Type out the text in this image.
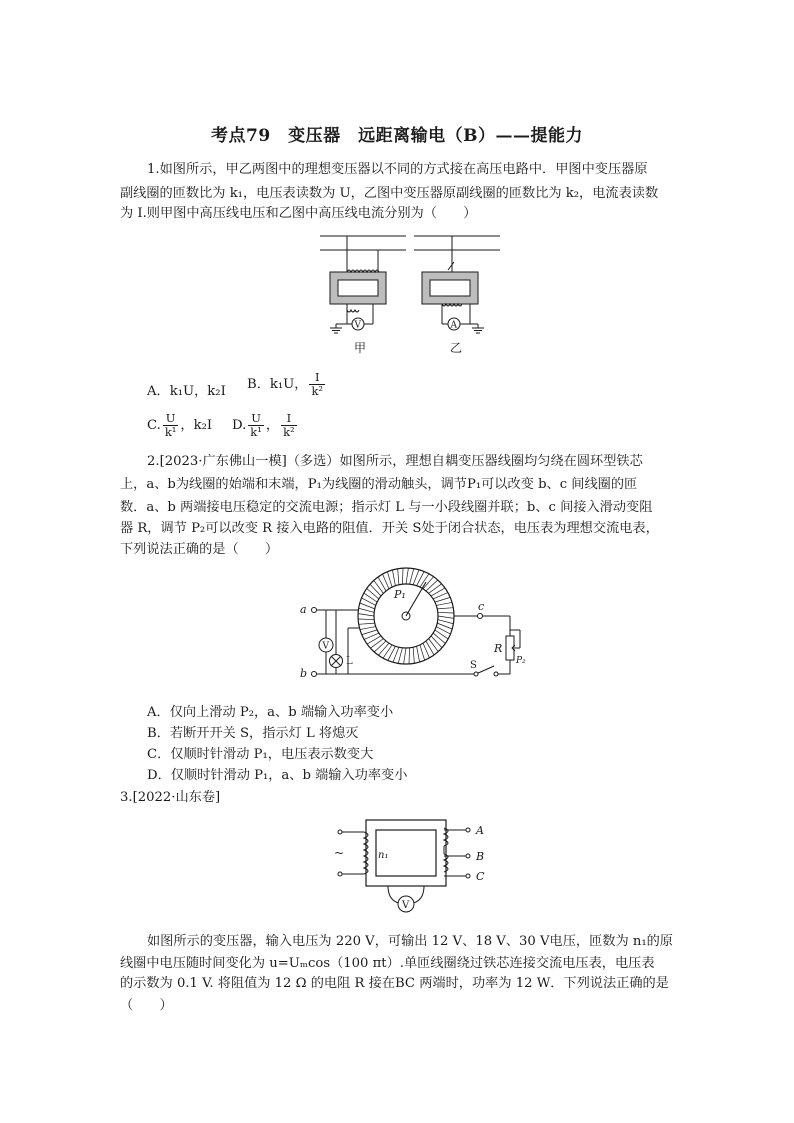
考点79　变压器　远距离输电（B）——提能力
1.如图所示，甲乙两图中的理想变压器以不同的方式接在高压电路中．甲图中变压器原
副线圈的匝数比为 k₁，电压表读数为 U，乙图中变压器原副线圈的匝数比为 k₂，电流表读数
为 I.则甲图中高压线电压和乙图中高压线电流分别为（　　）
V
甲
A
乙
A．k₁U，k₂I B．k₁U， $\frac{I}{\text{k²}}$
C. $\frac{U}{\text{k¹}}$ ，k₂I D. $\frac{U}{\text{k¹}}$ ， $\frac{I}{\text{k²}}$
2.[2023·广东佛山一模]（多选）如图所示，理想自耦变压器线圈均匀绕在圆环型铁芯
上，a、b为线圈的始端和末端，P₁为线圈的滑动触头，调节P₁可以改变 b、c 间线圈的匝
数．a、b 两端接电压稳定的交流电源；指示灯 L 与一小段线圈并联；b、c 间接入滑动变阻
器 R，调节 P₂可以改变 R 接入电路的阻值．开关 S处于闭合状态，电压表为理想交流电表，
下列说法正确的是（　　）
P₁
a
b
V
L
c
R
P₂
S
A．仅向上滑动 P₂，a、b 端输入功率变小
B．若断开开关 S，指示灯 L 将熄灭
C．仅顺时针滑动 P₁，电压表示数变大
D．仅顺时针滑动 P₁，a、b 端输入功率变小
3.[2022·山东卷]
~	n₁
A
B
C
V
如图所示的变压器，输入电压为 220 V，可输出 12 V、18 V、30 V电压，匝数为 n₁的原
线圈中电压随时间变化为 u=Uₘcos（100 πt）.单匝线圈绕过铁芯连接交流电压表，电压表
的示数为 0.1 V. 将阻值为 12 Ω 的电阻 R 接在BC 两端时，功率为 12 W．下列说法正确的是
（　　）
